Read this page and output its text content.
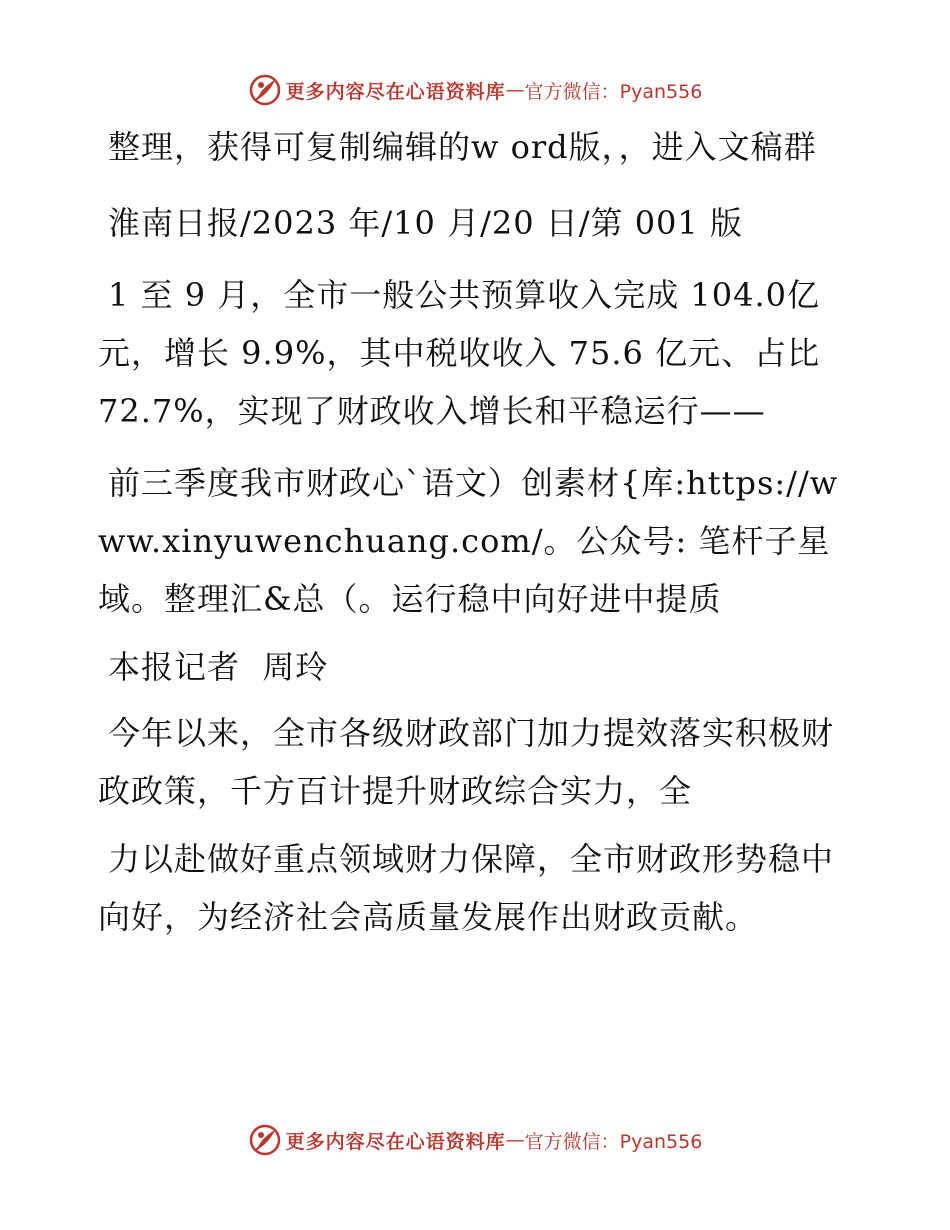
更多内容尽在心语资料库 — 官方微信：Pyan556

整理，获得可复制编辑的w ord版，，进入文稿群

淮南日报/2023 年/10 月/20 日/第 001 版

1 至 9 月，全市一般公共预算收入完成 104.0亿元，增长 9.9%，其中税收收入 75.6 亿元、占比 72.7%，实现了财政收入增长和平稳运行——

前三季度我市财政心`语文）创素材{库:https://www.xinyuwenchuang.com/。公众号: 笔杆子星域。整理汇&总（。运行稳中向好进中提质

本报记者  周玲

今年以来，全市各级财政部门加力提效落实积极财政政策，千方百计提升财政综合实力，全

力以赴做好重点领域财力保障，全市财政形势稳中向好，为经济社会高质量发展作出财政贡献。

更多内容尽在心语资料库 — 官方微信：Pyan556
